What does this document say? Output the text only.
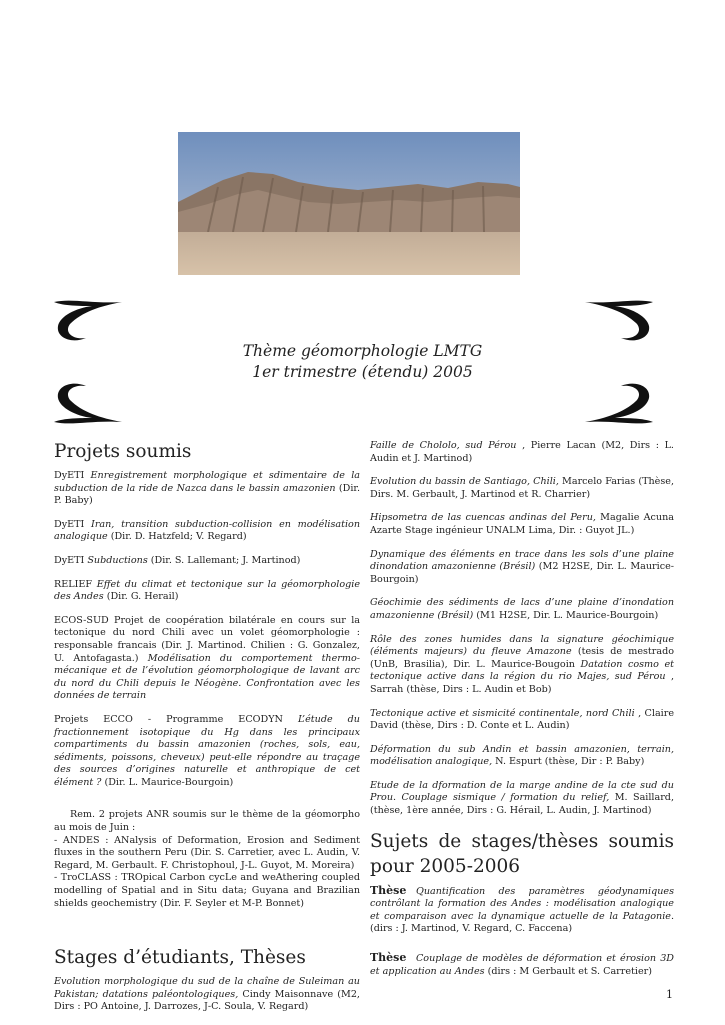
Thème géomorphologie LMTG
1er trimestre (étendu) 2005
Projets soumis

DyETI Enregistrement morphologique et sdimentaire de la subduction de la ride de Nazca dans le bassin amazonien (Dir. P. Baby)

DyETI Iran, transition subduction-collision en modélisation analogique (Dir. D. Hatzfeld; V. Regard)

DyETI Subductions (Dir. S. Lallemant; J. Martinod)

RELIEF Effet du climat et tectonique sur la géomorphologie des Andes (Dir. G. Herail)

ECOS-SUD Projet de coopération bilatérale en cours sur la tectonique du nord Chili avec un volet géomorphologie : responsable francais (Dir. J. Martinod. Chilien : G. Gonzalez, U. Antofagasta.) Modélisation du comportement thermo-mécanique et de l’évolution géomorphologique de lavant arc du nord du Chili depuis le Néogène. Confrontation avec les données de terrain

Projets ECCO - Programme ECODYN L’étude du fractionnement isotopique du Hg dans les principaux compartiments du bassin amazonien (roches, sols, eau, sédiments, poissons, cheveux) peut-elle répondre au traçage des sources d’origines naturelle et anthropique de cet élément ? (Dir. L. Maurice-Bourgoin)

Rem. 2 projets ANR soumis sur le thème de la géomorpho au mois de Juin :

- ANDES : ANalysis of Deformation, Erosion and Sediment fluxes in the southern Peru (Dir. S. Carretier, avec L. Audin, V. Regard, M. Gerbault. F. Christophoul, J-L. Guyot, M. Moreira)

- TroCLASS : TROpical Carbon cycLe and weAthering coupled modelling of Spatial and in Situ data; Guyana and Brazilian shields geochemistry (Dir. F. Seyler et M-P. Bonnet)

Stages d’étudiants, Thèses

Evolution morphologique du sud de la chaîne de Suleiman au Pakistan; datations paléontologiques, Cindy Maisonnave (M2, Dirs : PO Antoine, J. Darrozes, J-C. Soula, V. Regard)

Faille de Chololo, sud Pérou , Pierre Lacan (M2, Dirs : L. Audin et J. Martinod)

Evolution du bassin de Santiago, Chili, Marcelo Farias (Thèse, Dirs. M. Gerbault, J. Martinod et R. Charrier)

Hipsometra de las cuencas andinas del Peru, Magalie Acuna Azarte Stage ingénieur UNALM Lima, Dir. : Guyot JL.)

Dynamique des éléments en trace dans les sols d’une plaine dinondation amazonienne (Brésil) (M2 H2SE, Dir. L. Maurice-Bourgoin)

Géochimie des sédiments de lacs d’une plaine d’inondation amazonienne (Brésil) (M1 H2SE, Dir. L. Maurice-Bourgoin)

Rôle des zones humides dans la signature géochimique (éléments majeurs) du fleuve Amazone (tesis de mestrado (UnB, Brasilia), Dir. L. Maurice-Bougoin Datation cosmo et tectonique active dans la région du rio Majes, sud Pérou , Sarrah (thèse, Dirs : L. Audin et Bob)

Tectonique active et sismicité continentale, nord Chili , Claire David (thèse, Dirs : D. Conte et L. Audin)

Déformation du sub Andin et bassin amazonien, terrain, modélisation analogique, N. Espurt (thèse, Dir : P. Baby)

Etude de la dformation de la marge andine de la cte sud du Prou. Couplage sismique / formation du relief, M. Saillard, (thèse, 1ère année, Dirs : G. Hérail, L. Audin, J. Martinod)

Sujets de stages/thèses soumis pour 2005-2006

Thèse  Quantification des paramètres géodynamiques contrôlant la formation des Andes : modélisation analogique et comparaison avec la dynamique actuelle de la Patagonie. (dirs : J. Martinod, V. Regard, C. Faccena)

Thèse  Couplage de modèles de déformation et érosion 3D et application au Andes (dirs : M Gerbault et S. Carretier)

1
